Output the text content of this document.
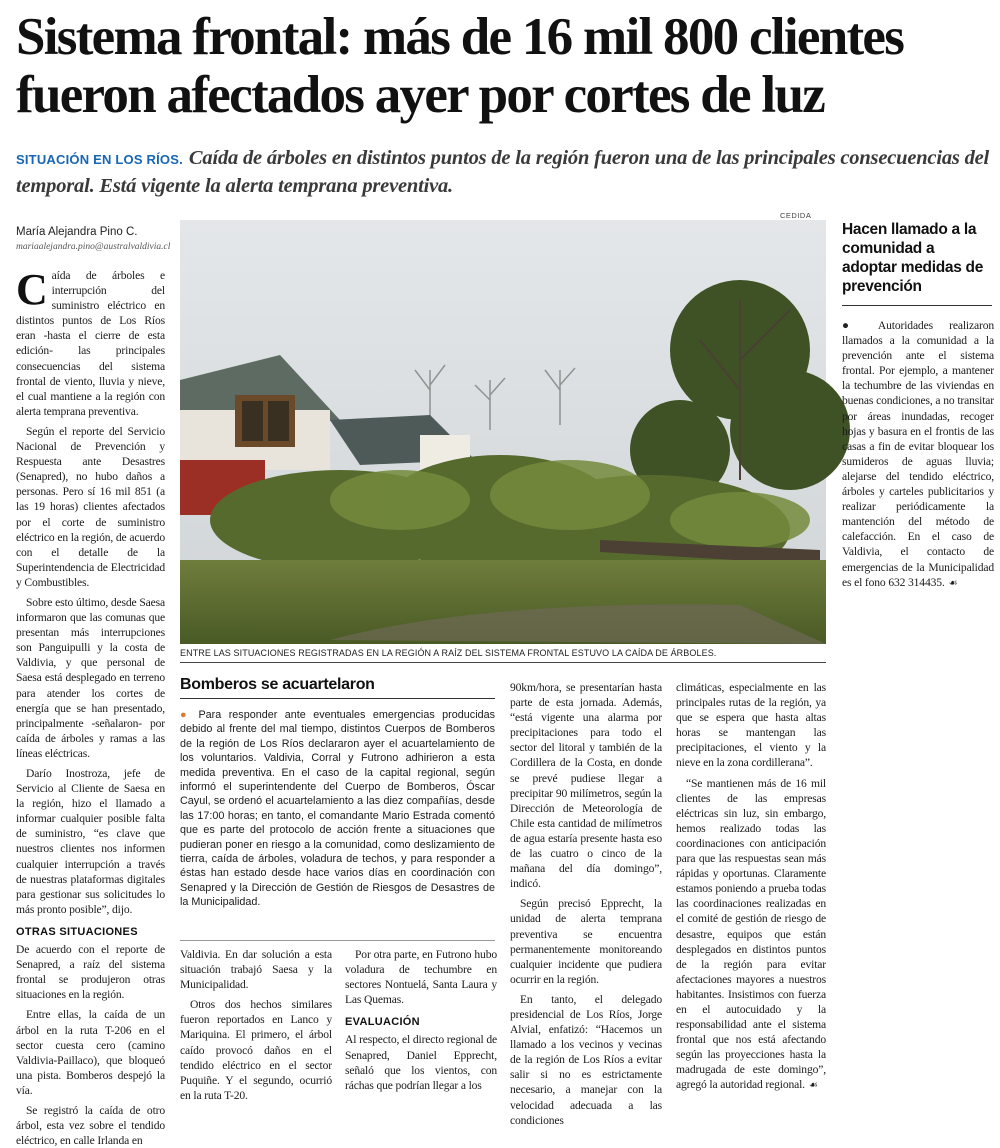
Sistema frontal: más de 16 mil 800 clientes
fueron afectados ayer por cortes de luz

SITUACIÓN EN LOS RÍOS. Caída de árboles en distintos puntos de la región fueron una de las principales consecuencias del temporal. Está vigente la alerta temprana preventiva.

María Alejandra Pino C.
mariaalejandra.pino@australvaldivia.cl

Caída de árboles e interrupción del suministro eléctrico en distintos puntos de Los Ríos eran -hasta el cierre de esta edición- las principales consecuencias del sistema frontal de viento, lluvia y nieve, el cual mantiene a la región con alerta temprana preventiva.

Según el reporte del Servicio Nacional de Prevención y Respuesta ante Desastres (Senapred), no hubo daños a personas. Pero sí 16 mil 851 (a las 19 horas) clientes afectados por el corte de suministro eléctrico en la región, de acuerdo con el detalle de la Superintendencia de Electricidad y Combustibles.

Sobre esto último, desde Saesa informaron que las comunas que presentan más interrupciones son Panguipulli y la costa de Valdivia, y que personal de Saesa está desplegado en terreno para atender los cortes de energía que se han presentado, principalmente -señalaron- por caída de árboles y ramas a las líneas eléctricas.

Darío Inostroza, jefe de Servicio al Cliente de Saesa en la región, hizo el llamado a informar cualquier posible falta de suministro, “es clave que nuestros clientes nos informen cualquier interrupción a través de nuestras plataformas digitales para gestionar sus solicitudes lo más pronto posible”, dijo.

OTRAS SITUACIONES

De acuerdo con el reporte de Senapred, a raíz del sistema frontal se produjeron otras situaciones en la región.

Entre ellas, la caída de un árbol en la ruta T-206 en el sector cuesta cero (camino Valdivia-Paillaco), que bloqueó una pista. Bomberos despejó la vía.

Se registró la caída de otro árbol, esta vez sobre el tendido eléctrico, en calle Irlanda en

CEDIDA
ENTRE LAS SITUACIONES REGISTRADAS EN LA REGIÓN A RAÍZ DEL SISTEMA FRONTAL ESTUVO LA CAÍDA DE ÁRBOLES.
Bomberos se acuartelaron

● Para responder ante eventuales emergencias producidas debido al frente del mal tiempo, distintos Cuerpos de Bomberos de la región de Los Ríos declararon ayer el acuartelamiento de los voluntarios. Valdivia, Corral y Futrono adhirieron a esta medida preventiva. En el caso de la capital regional, según informó el superintendente del Cuerpo de Bomberos, Óscar Cayul, se ordenó el acuartelamiento a las diez compañías, desde las 17:00 horas; en tanto, el comandante Mario Estrada comentó que es parte del protocolo de acción frente a situaciones que pudieran poner en riesgo a la comunidad, como deslizamiento de tierra, caída de árboles, voladura de techos, y para responder a éstas han estado desde hace varios días en coordinación con Senapred y la Dirección de Gestión de Riesgos de Desastres de la Municipalidad.

Valdivia. En dar solución a esta situación trabajó Saesa y la Municipalidad.

Otros dos hechos similares fueron reportados en Lanco y Mariquina. El primero, el árbol caído provocó daños en el tendido eléctrico en el sector Puquiñe. Y el segundo, ocurrió en la ruta T-20.

Por otra parte, en Futrono hubo voladura de techumbre en sectores Nontuelá, Santa Laura y Las Quemas.

EVALUACIÓN

Al respecto, el directo regional de Senapred, Daniel Epprecht, señaló que los vientos, con ráchas que podrían llegar a los

90km/hora, se presentarían hasta parte de esta jornada. Además, “está vigente una alarma por precipitaciones para todo el sector del litoral y también de la Cordillera de la Costa, en donde se prevé pudiese llegar a precipitar 90 milímetros, según la Dirección de Meteorología de Chile esta cantidad de milímetros de agua estaría presente hasta eso de las cuatro o cinco de la mañana del día domingo”, indicó.

Según precisó Epprecht, la unidad de alerta temprana preventiva se encuentra permanentemente monitoreando cualquier incidente que pudiera ocurrir en la región.

En tanto, el delegado presidencial de Los Ríos, Jorge Alvial, enfatizó: “Hacemos un llamado a los vecinos y vecinas de la región de Los Ríos a evitar salir si no es estrictamente necesario, a manejar con la velocidad adecuada a las condiciones

climáticas, especialmente en las principales rutas de la región, ya que se espera que hasta altas horas se mantengan las precipitaciones, el viento y la nieve en la zona cordillerana”.

“Se mantienen más de 16 mil clientes de las empresas eléctricas sin luz, sin embargo, hemos realizado todas las coordinaciones con anticipación para que las respuestas sean más rápidas y oportunas. Claramente estamos poniendo a prueba todas las coordinaciones realizadas en el comité de gestión de riesgo de desastre, equipos que están desplegados en distintos puntos de la región para evitar afectaciones mayores a nuestros habitantes. Insistimos con fuerza en el autocuidado y la responsabilidad ante el sistema frontal que nos está afectando según las proyecciones hasta la madrugada de este domingo”, agregó la autoridad regional. ☙

Hacen llamado a la comunidad a adoptar medidas de prevención

● Autoridades realizaron llamados a la comunidad a la prevención ante el sistema frontal. Por ejemplo, a mantener la techumbre de las viviendas en buenas condiciones, a no transitar por áreas inundadas, recoger hojas y basura en el frontis de las casas a fin de evitar bloquear los sumideros de aguas lluvia; alejarse del tendido eléctrico, árboles y carteles publicitarios y realizar periódicamente la mantención del método de calefacción. En el caso de Valdivia, el contacto de emergencias de la Municipalidad es el fono 632 314435. ☙
